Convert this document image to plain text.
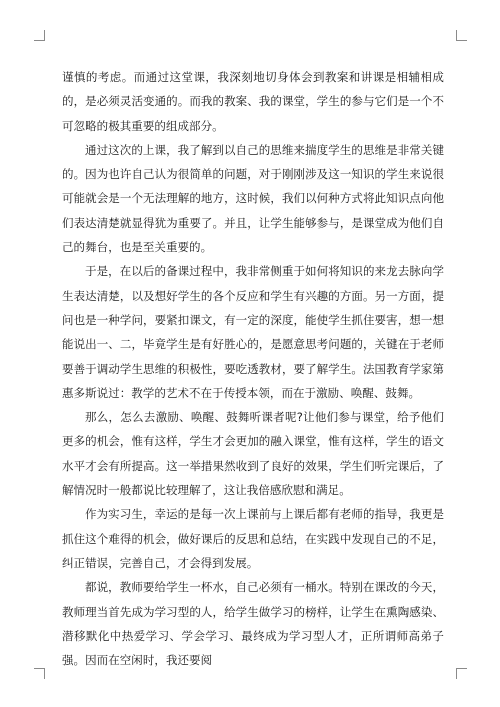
谨慎的考虑。而通过这堂课，我深刻地切身体会到教案和讲课是相辅相成的，是必须灵活变通的。而我的教案、我的课堂，学生的参与它们是一个不可忽略的极其重要的组成部分。

通过这次的上课，我了解到以自己的思维来揣度学生的思维是非常关键的。因为也许自己认为很简单的问题，对于刚刚涉及这一知识的学生来说很可能就会是一个无法理解的地方，这时候，我们以何种方式将此知识点向他们表达清楚就显得犹为重要了。并且，让学生能够参与，是课堂成为他们自己的舞台，也是至关重要的。

于是，在以后的备课过程中，我非常侧重于如何将知识的来龙去脉向学生表达清楚，以及想好学生的各个反应和学生有兴趣的方面。另一方面，提问也是一种学问，要紧扣课文，有一定的深度，能使学生抓住要害，想一想能说出一、二，毕竟学生是有好胜心的，是愿意思考问题的，关键在于老师要善于调动学生思维的积极性，要吃透教材，要了解学生。法国教育学家第惠多斯说过：教学的艺术不在于传授本领，而在于激励、唤醒、鼓舞。

那么，怎么去激励、唤醒、鼓舞听课者呢?让他们参与课堂，给予他们更多的机会，惟有这样，学生才会更加的融入课堂，惟有这样，学生的语文水平才会有所提高。这一举措果然收到了良好的效果，学生们听完课后，了解情况时一般都说比较理解了，这让我倍感欣慰和满足。

作为实习生，幸运的是每一次上课前与上课后都有老师的指导，我更是抓住这个难得的机会，做好课后的反思和总结，在实践中发现自己的不足，纠正错误，完善自己，才会得到发展。

都说，教师要给学生一杯水，自己必须有一桶水。特别在课改的今天，教师理当首先成为学习型的人，给学生做学习的榜样，让学生在熏陶感染、潜移默化中热爱学习、学会学习、最终成为学习型人才，正所谓师高弟子强。因而在空闲时，我还要阅
